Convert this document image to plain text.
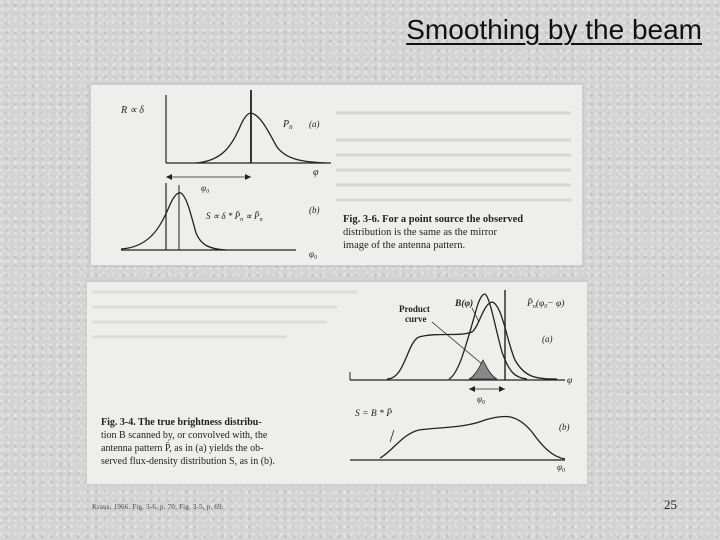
Smoothing by the beam
R ∝ δ
$P_n$ (a)
φ
$\varphi_0$
$S \propto \delta * P̄_n$ ∝ $P̄_n$
(b)
$\varphi_0$
Fig. 3-6. For a point source the observed
distribution is the same as the mirror
image of the antenna pattern.
B(φ)	$P̄_n(\varphi_0- \varphi)$
Product
curve
(a)
φ
$\varphi_0$
S = B * P̄
(b)
$\varphi_0$
Fig. 3-4. The true brightness distribu-
tion B scanned by, or convolved with, the
antenna pattern P̄, as in (a) yields the ob-
served flux-density distribution S, as in (b).
Kraus, 1966. Fig. 3-6, p. 70; Fig. 3-5, p. 69.	25
